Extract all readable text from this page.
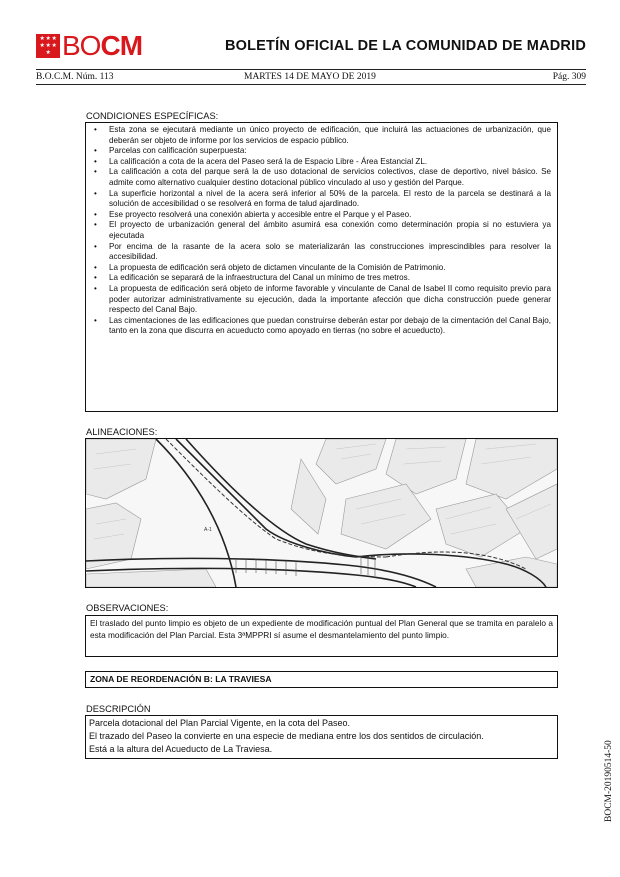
★ ★ ★
★ ★ ★
★ BOCM	BOLETÍN OFICIAL DE LA COMUNIDAD DE MADRID
B.O.C.M. Núm. 113	MARTES 14 DE MAYO DE 2019	Pág. 309
CONDICIONES ESPECÍFICAS:
• Esta zona se ejecutará mediante un único proyecto de edificación, que incluirá las actuaciones de urbanización, que deberán ser objeto de informe por los servicios de espacio público.
• Parcelas con calificación superpuesta:
• La calificación a cota de la acera del Paseo será la de Espacio Libre - Área Estancial ZL.
• La calificación a cota del parque será la de uso dotacional de servicios colectivos, clase de deportivo, nivel básico. Se admite como alternativo cualquier destino dotacional público vinculado al uso y gestión del Parque.
• La superficie horizontal a nivel de la acera será inferior al 50% de la parcela. El resto de la parcela se destinará a la solución de accesibilidad o se resolverá en forma de talud ajardinado.
• Ese proyecto resolverá una conexión abierta y accesible entre el Parque y el Paseo.
• El proyecto de urbanización general del ámbito asumirá esa conexión como determinación propia si no estuviera ya ejecutada
• Por encima de la rasante de la acera solo se materializarán las construcciones imprescindibles para resolver la accesibilidad.
• La propuesta de edificación será objeto de dictamen vinculante de la Comisión de Patrimonio.
• La edificación se separará de la infraestructura del Canal un mínimo de tres metros.
• La propuesta de edificación será objeto de informe favorable y vinculante de Canal de Isabel II como requisito previo para poder autorizar administrativamente su ejecución, dada la importante afección que dicha construcción puede generar respecto del Canal Bajo.
• Las cimentaciones de las edificaciones que puedan construirse deberán estar por debajo de la cimentación del Canal Bajo, tanto en la zona que discurra en acueducto como apoyado en tierras (no sobre el acueducto).
ALINEACIONES:
A-1
OBSERVACIONES:
El traslado del punto limpio es objeto de un expediente de modificación puntual del Plan General que se tramita en paralelo a esta modificación del Plan Parcial. Esta 3ªMPPRI sí asume el desmantelamiento del punto limpio.
ZONA DE REORDENACIÓN B: LA TRAVIESA
DESCRIPCIÓN
Parcela dotacional del Plan Parcial Vigente, en la cota del Paseo.
El trazado del Paseo la convierte en una especie de mediana entre los dos sentidos de circulación.
Está a la altura del Acueducto de La Traviesa.	BOCM-20190514-50
